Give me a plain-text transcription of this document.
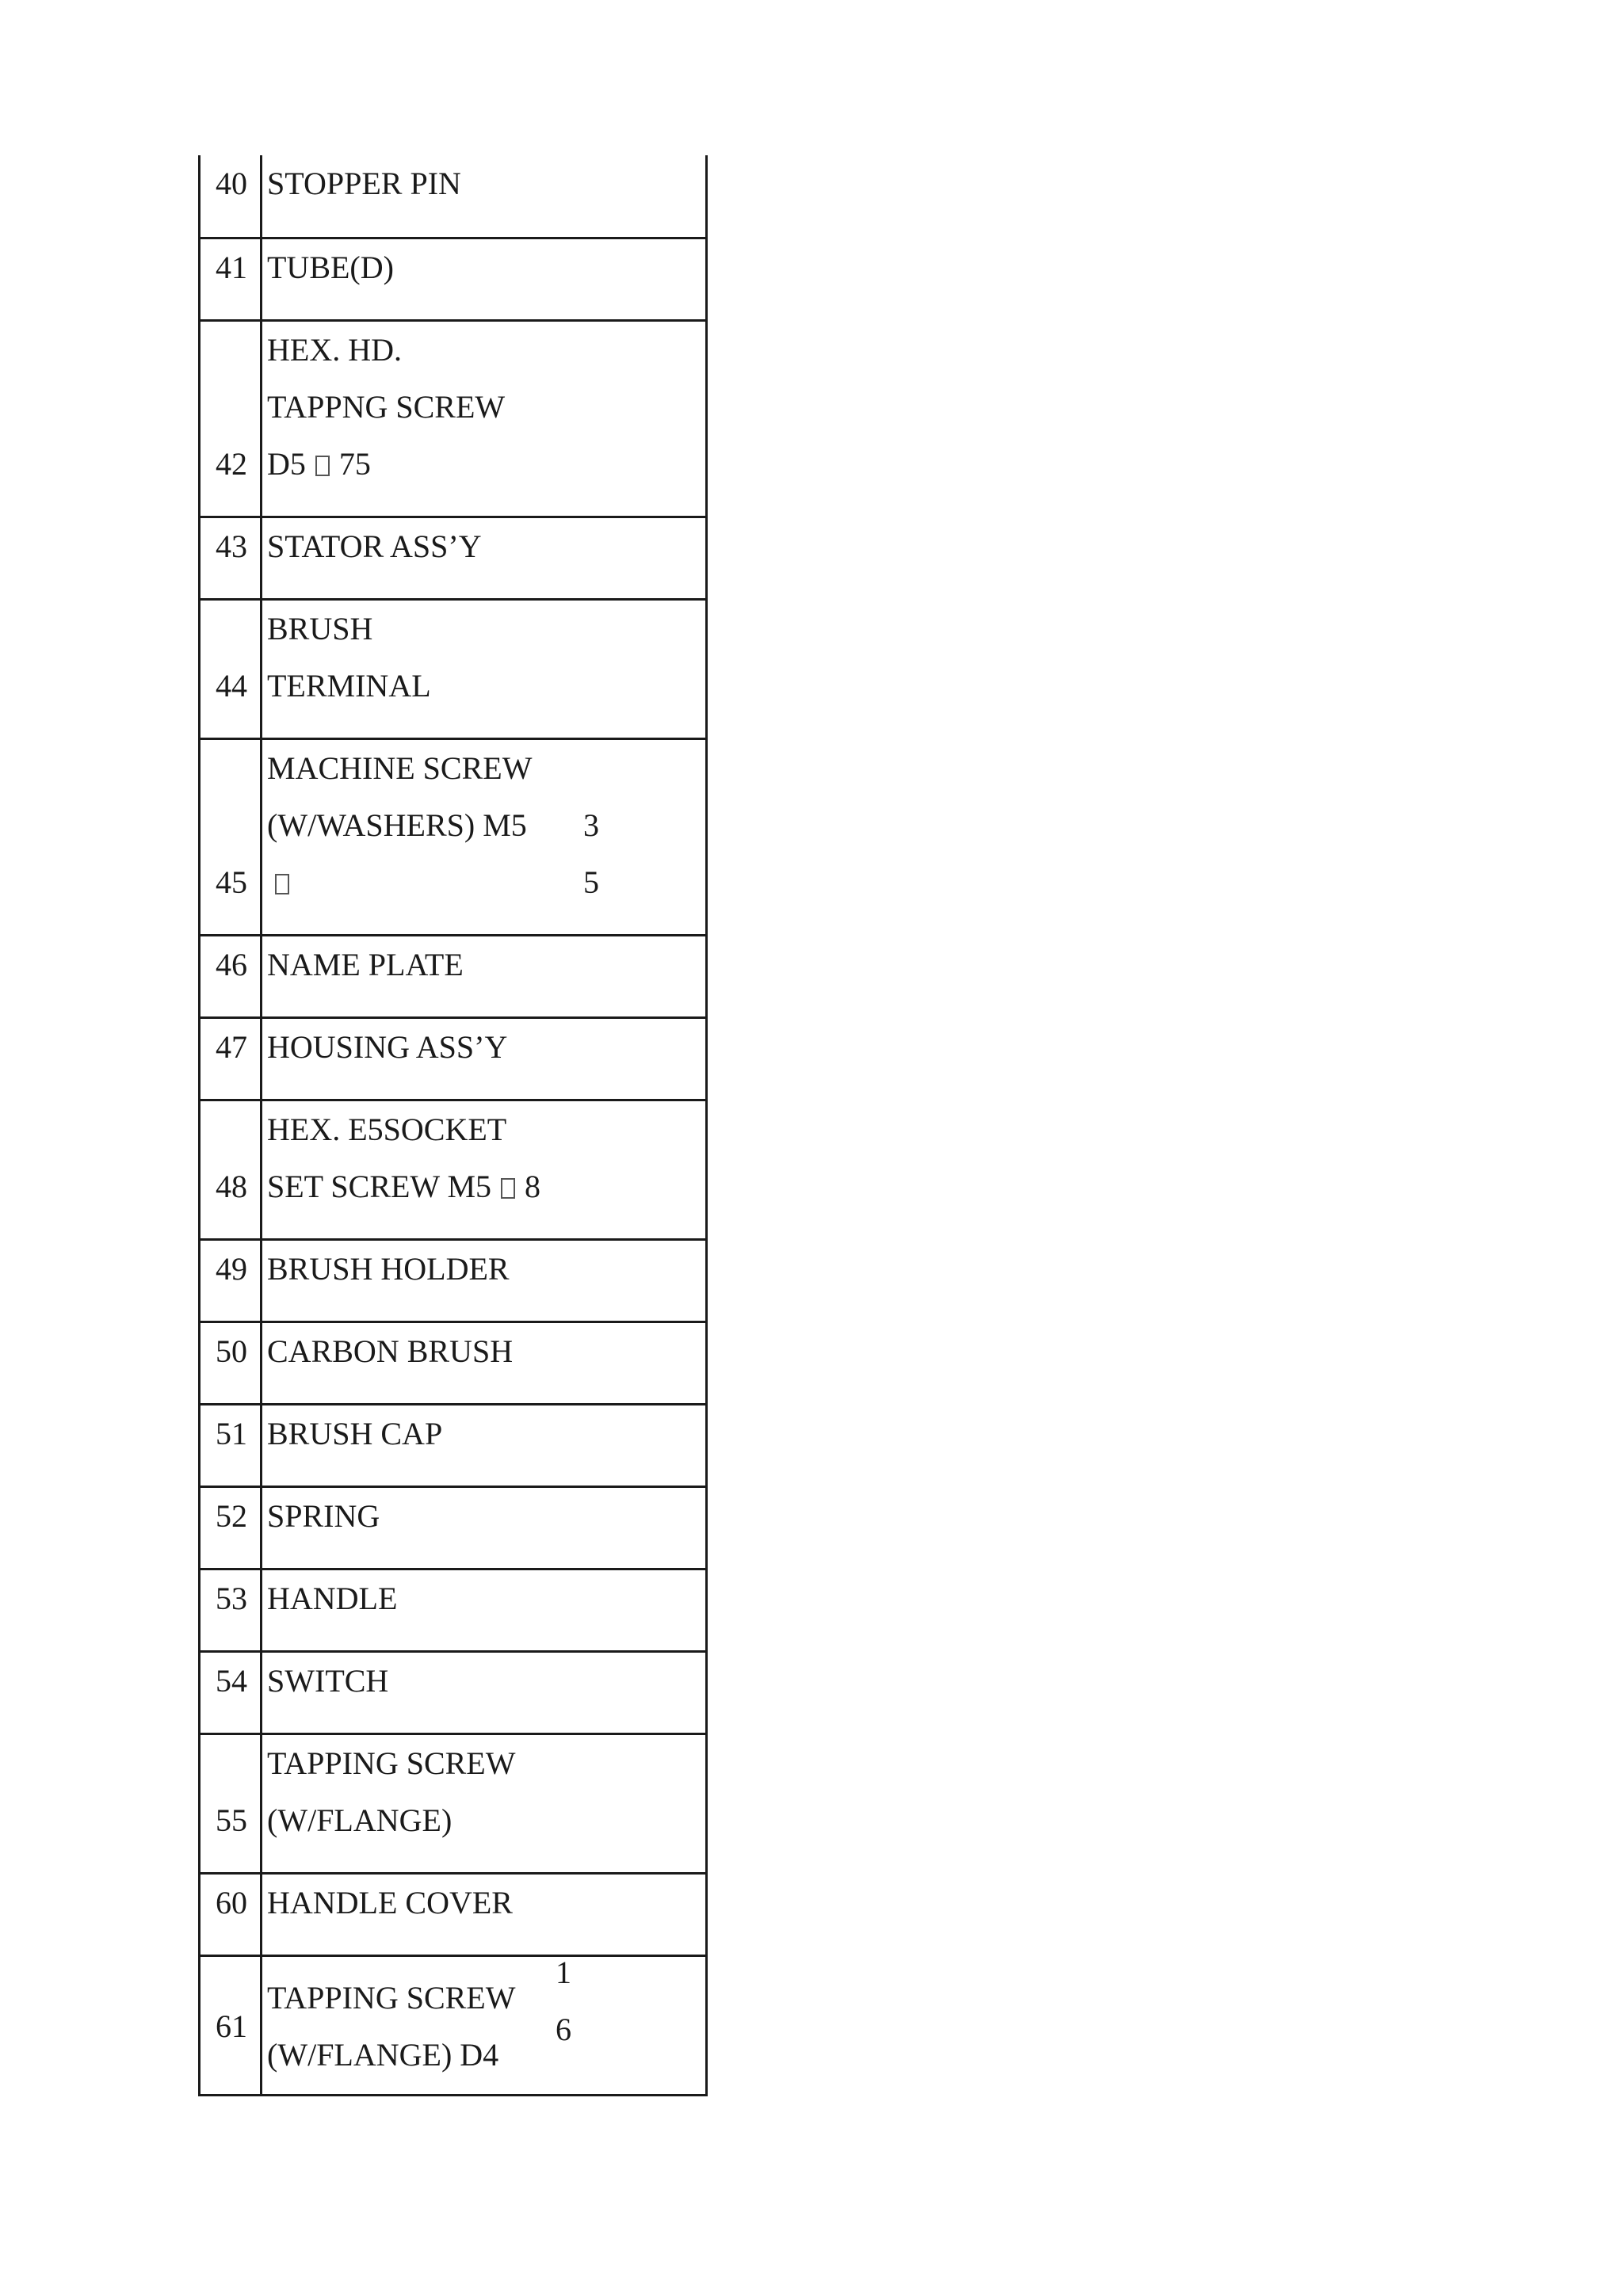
40	STOPPER PIN

41	TUBE(D)

42	HEX. HD.
TAPPNG SCREW
D5 75

43	STATOR ASS’Y

44	BRUSH
TERMINAL

45	MACHINE SCREW
(W/WASHERS) M5 3
5

46	NAME PLATE

47	HOUSING ASS’Y

48	HEX. E5SOCKET
SET SCREW M5 8

49	BRUSH HOLDER

50	CARBON BRUSH

51	BRUSH CAP

52	SPRING

53	HANDLE

54	SWITCH

55	TAPPING SCREW
(W/FLANGE)

60	HANDLE COVER

61	TAPPING SCREW
(W/FLANGE) D4
1
6
